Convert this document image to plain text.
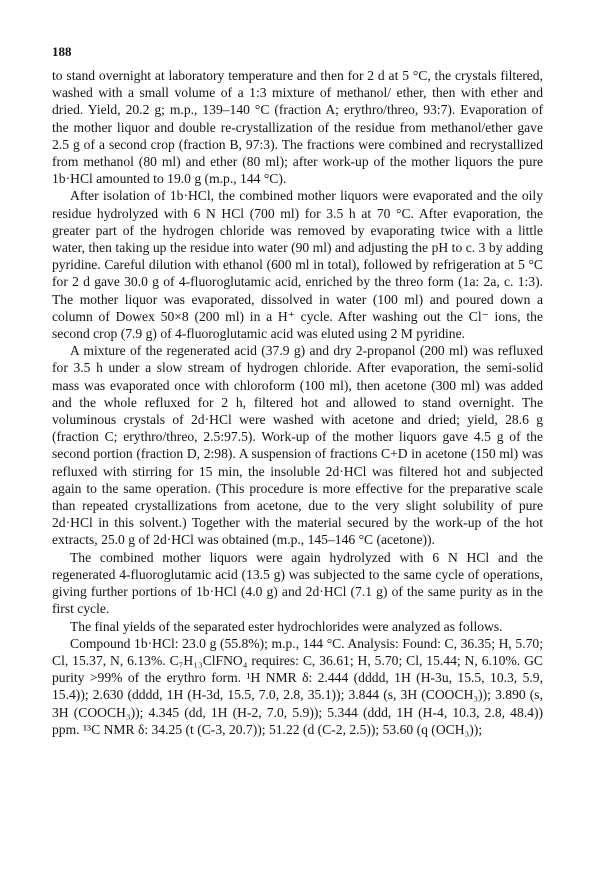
188

to stand overnight at laboratory temperature and then for 2 d at 5 °C, the crystals filtered, washed with a small volume of a 1:3 mixture of methanol/ ether, then with ether and dried. Yield, 20.2 g; m.p., 139–140 °C (fraction A; erythro/threo, 93:7). Evaporation of the mother liquor and double re-crystallization of the residue from methanol/ether gave 2.5 g of a second crop (fraction B, 97:3). The fractions were combined and recrystallized from methanol (80 ml) and ether (80 ml); after work-up of the mother liquors the pure 1b·HCl amounted to 19.0 g (m.p., 144 °C).

After isolation of 1b·HCl, the combined mother liquors were evaporated and the oily residue hydrolyzed with 6 N HCl (700 ml) for 3.5 h at 70 °C. After evaporation, the greater part of the hydrogen chloride was removed by evaporating twice with a little water, then taking up the residue into water (90 ml) and adjusting the pH to c. 3 by adding pyridine. Careful dilution with ethanol (600 ml in total), followed by refrigeration at 5 °C for 2 d gave 30.0 g of 4-fluoroglutamic acid, enriched by the threo form (1a: 2a, c. 1:3). The mother liquor was evaporated, dissolved in water (100 ml) and poured down a column of Dowex 50×8 (200 ml) in a H⁺ cycle. After washing out the Cl⁻ ions, the second crop (7.9 g) of 4-fluoroglutamic acid was eluted using 2 M pyridine.

A mixture of the regenerated acid (37.9 g) and dry 2-propanol (200 ml) was refluxed for 3.5 h under a slow stream of hydrogen chloride. After evaporation, the semi-solid mass was evaporated once with chloroform (100 ml), then acetone (300 ml) was added and the whole refluxed for 2 h, filtered hot and allowed to stand overnight. The voluminous crystals of 2d·HCl were washed with acetone and dried; yield, 28.6 g (fraction C; erythro/threo, 2.5:97.5). Work-up of the mother liquors gave 4.5 g of the second portion (fraction D, 2:98). A suspension of fractions C+D in acetone (150 ml) was refluxed with stirring for 15 min, the insoluble 2d·HCl was filtered hot and subjected again to the same operation. (This procedure is more effective for the preparative scale than repeated crystallizations from acetone, due to the very slight solubility of pure 2d·HCl in this solvent.) Together with the material secured by the work-up of the hot extracts, 25.0 g of 2d·HCl was obtained (m.p., 145–146 °C (acetone)).

The combined mother liquors were again hydrolyzed with 6 N HCl and the regenerated 4-fluoroglutamic acid (13.5 g) was subjected to the same cycle of operations, giving further portions of 1b·HCl (4.0 g) and 2d·HCl (7.1 g) of the same purity as in the first cycle.

The final yields of the separated ester hydrochlorides were analyzed as follows.

Compound 1b·HCl: 23.0 g (55.8%); m.p., 144 °C. Analysis: Found: C, 36.35; H, 5.70; Cl, 15.37, N, 6.13%. C₇H₁₃ClFNO₄ requires: C, 36.61; H, 5.70; Cl, 15.44; N, 6.10%. GC purity >99% of the erythro form. ¹H NMR δ: 2.444 (dddd, 1H (H-3u, 15.5, 10.3, 5.9, 15.4)); 2.630 (dddd, 1H (H-3d, 15.5, 7.0, 2.8, 35.1)); 3.844 (s, 3H (COOCH₃)); 3.890 (s, 3H (COOCH₃)); 4.345 (dd, 1H (H-2, 7.0, 5.9)); 5.344 (ddd, 1H (H-4, 10.3, 2.8, 48.4)) ppm. ¹³C NMR δ: 34.25 (t (C-3, 20.7)); 51.22 (d (C-2, 2.5)); 53.60 (q (OCH₃));
